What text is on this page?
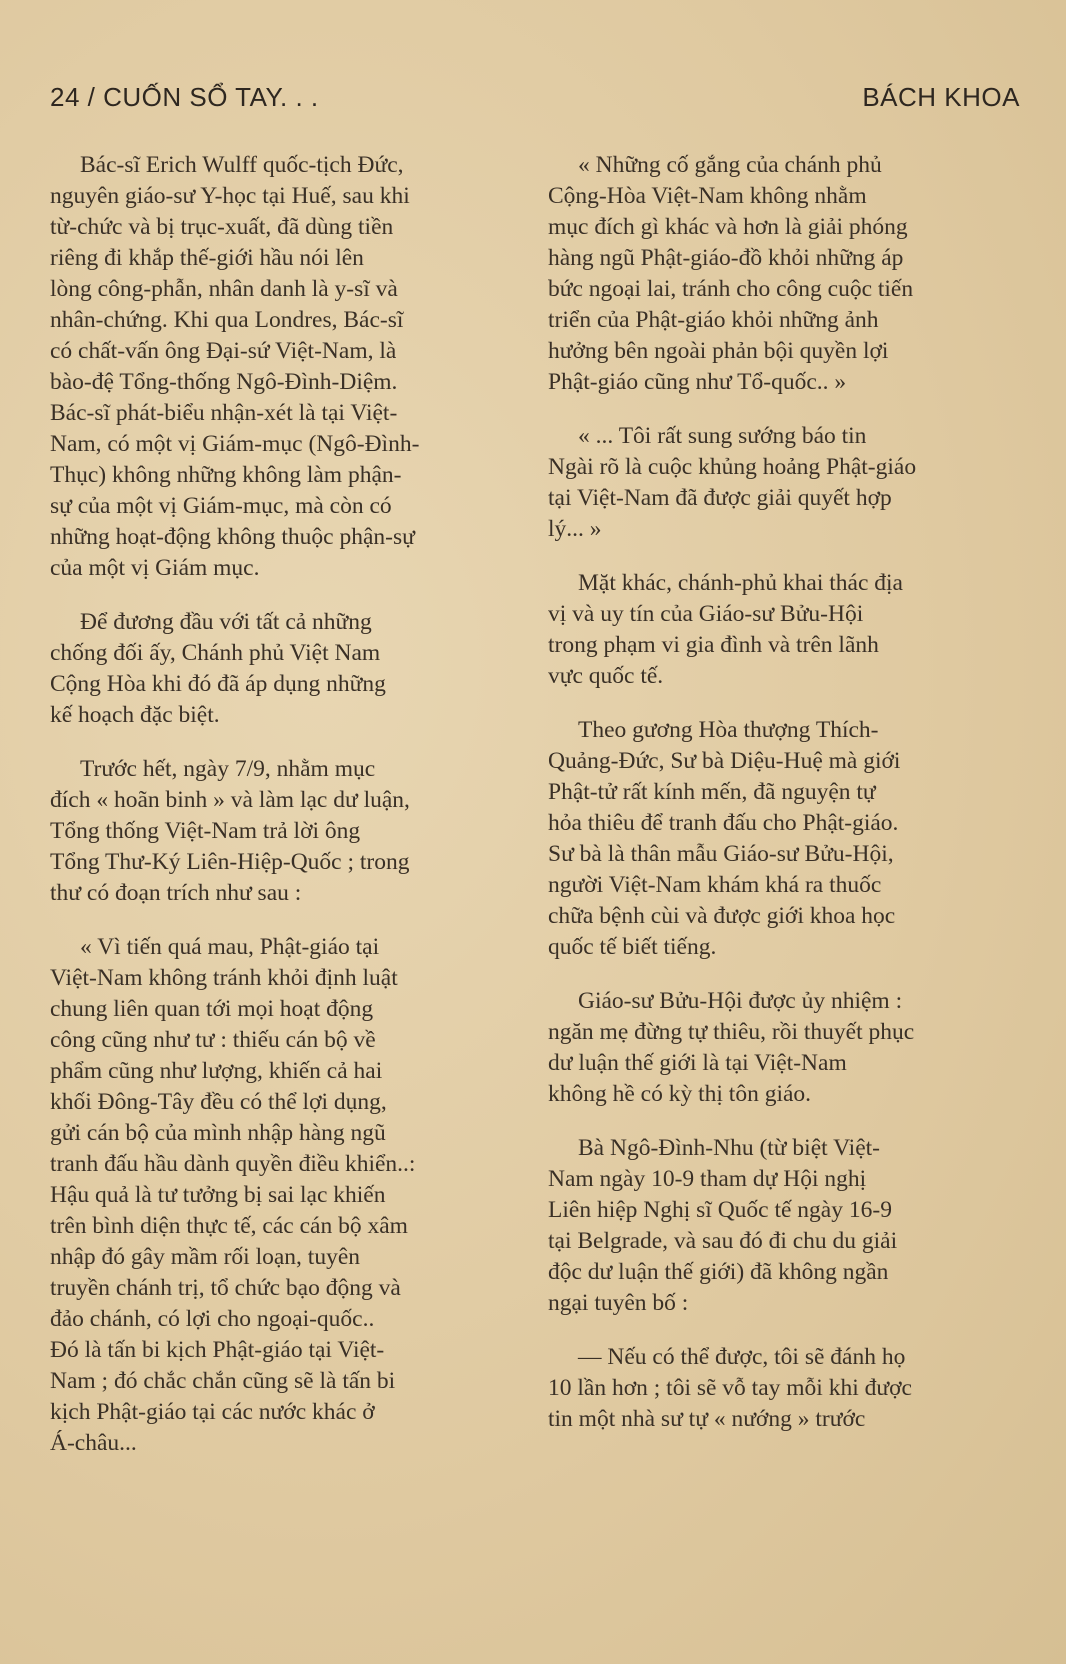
24 / CUỐN SỔ TAY. . .	BÁCH KHOA
Bác-sĩ Erich Wulff quốc-tịch Đức,
nguyên giáo-sư Y-học tại Huế, sau khi
từ-chức và bị trục-xuất, đã dùng tiền
riêng đi khắp thế-giới hầu nói lên
lòng công-phẫn, nhân danh là y-sĩ và
nhân-chứng. Khi qua Londres, Bác-sĩ
có chất-vấn ông Đại-sứ Việt-Nam, là
bào-đệ Tổng-thống Ngô-Đình-Diệm.
Bác-sĩ phát-biểu nhận-xét là tại Việt-
Nam, có một vị Giám-mục (Ngô-Đình-
Thục) không những không làm phận-
sự của một vị Giám-mục, mà còn có
những hoạt-động không thuộc phận-sự
của một vị Giám mục.
Để đương đầu với tất cả những
chống đối ấy, Chánh phủ Việt Nam
Cộng Hòa khi đó đã áp dụng những
kế hoạch đặc biệt.
Trước hết, ngày 7/9, nhằm mục
đích « hoãn binh » và làm lạc dư luận,
Tổng thống Việt-Nam trả lời ông
Tổng Thư-Ký Liên-Hiệp-Quốc ; trong
thư có đoạn trích như sau :
« Vì tiến quá mau, Phật-giáo tại
Việt-Nam không tránh khỏi định luật
chung liên quan tới mọi hoạt động
công cũng như tư : thiếu cán bộ về
phẩm cũng như lượng, khiến cả hai
khối Đông-Tây đều có thể lợi dụng,
gửi cán bộ của mình nhập hàng ngũ
tranh đấu hầu dành quyền điều khiển..:
Hậu quả là tư tưởng bị sai lạc khiến
trên bình diện thực tế, các cán bộ xâm
nhập đó gây mầm rối loạn, tuyên
truyền chánh trị, tổ chức bạo động và
đảo chánh, có lợi cho ngoại-quốc..
Đó là tấn bi kịch Phật-giáo tại Việt-
Nam ; đó chắc chắn cũng sẽ là tấn bi
kịch Phật-giáo tại các nước khác ở
Á-châu...
« Những cố gắng của chánh phủ
Cộng-Hòa Việt-Nam không nhằm
mục đích gì khác và hơn là giải phóng
hàng ngũ Phật-giáo-đồ khỏi những áp
bức ngoại lai, tránh cho công cuộc tiến
triển của Phật-giáo khỏi những ảnh
hưởng bên ngoài phản bội quyền lợi
Phật-giáo cũng như Tổ-quốc.. »
« ... Tôi rất sung sướng báo tin
Ngài rõ là cuộc khủng hoảng Phật-giáo
tại Việt-Nam đã được giải quyết hợp
lý... »
Mặt khác, chánh-phủ khai thác địa
vị và uy tín của Giáo-sư Bửu-Hội
trong phạm vi gia đình và trên lãnh
vực quốc tế.
Theo gương Hòa thượng Thích-
Quảng-Đức, Sư bà Diệu-Huệ mà giới
Phật-tử rất kính mến, đã nguyện tự
hỏa thiêu để tranh đấu cho Phật-giáo.
Sư bà là thân mẫu Giáo-sư Bửu-Hội,
người Việt-Nam khám khá ra thuốc
chữa bệnh cùi và được giới khoa học
quốc tế biết tiếng.
Giáo-sư Bửu-Hội được ủy nhiệm :
ngăn mẹ đừng tự thiêu, rồi thuyết phục
dư luận thế giới là tại Việt-Nam
không hề có kỳ thị tôn giáo.
Bà Ngô-Đình-Nhu (từ biệt Việt-
Nam ngày 10-9 tham dự Hội nghị
Liên hiệp Nghị sĩ Quốc tế ngày 16-9
tại Belgrade, và sau đó đi chu du giải
độc dư luận thế giới) đã không ngần
ngại tuyên bố :
— Nếu có thể được, tôi sẽ đánh họ
10 lần hơn ; tôi sẽ vỗ tay mỗi khi được
tin một nhà sư tự « nướng » trước
